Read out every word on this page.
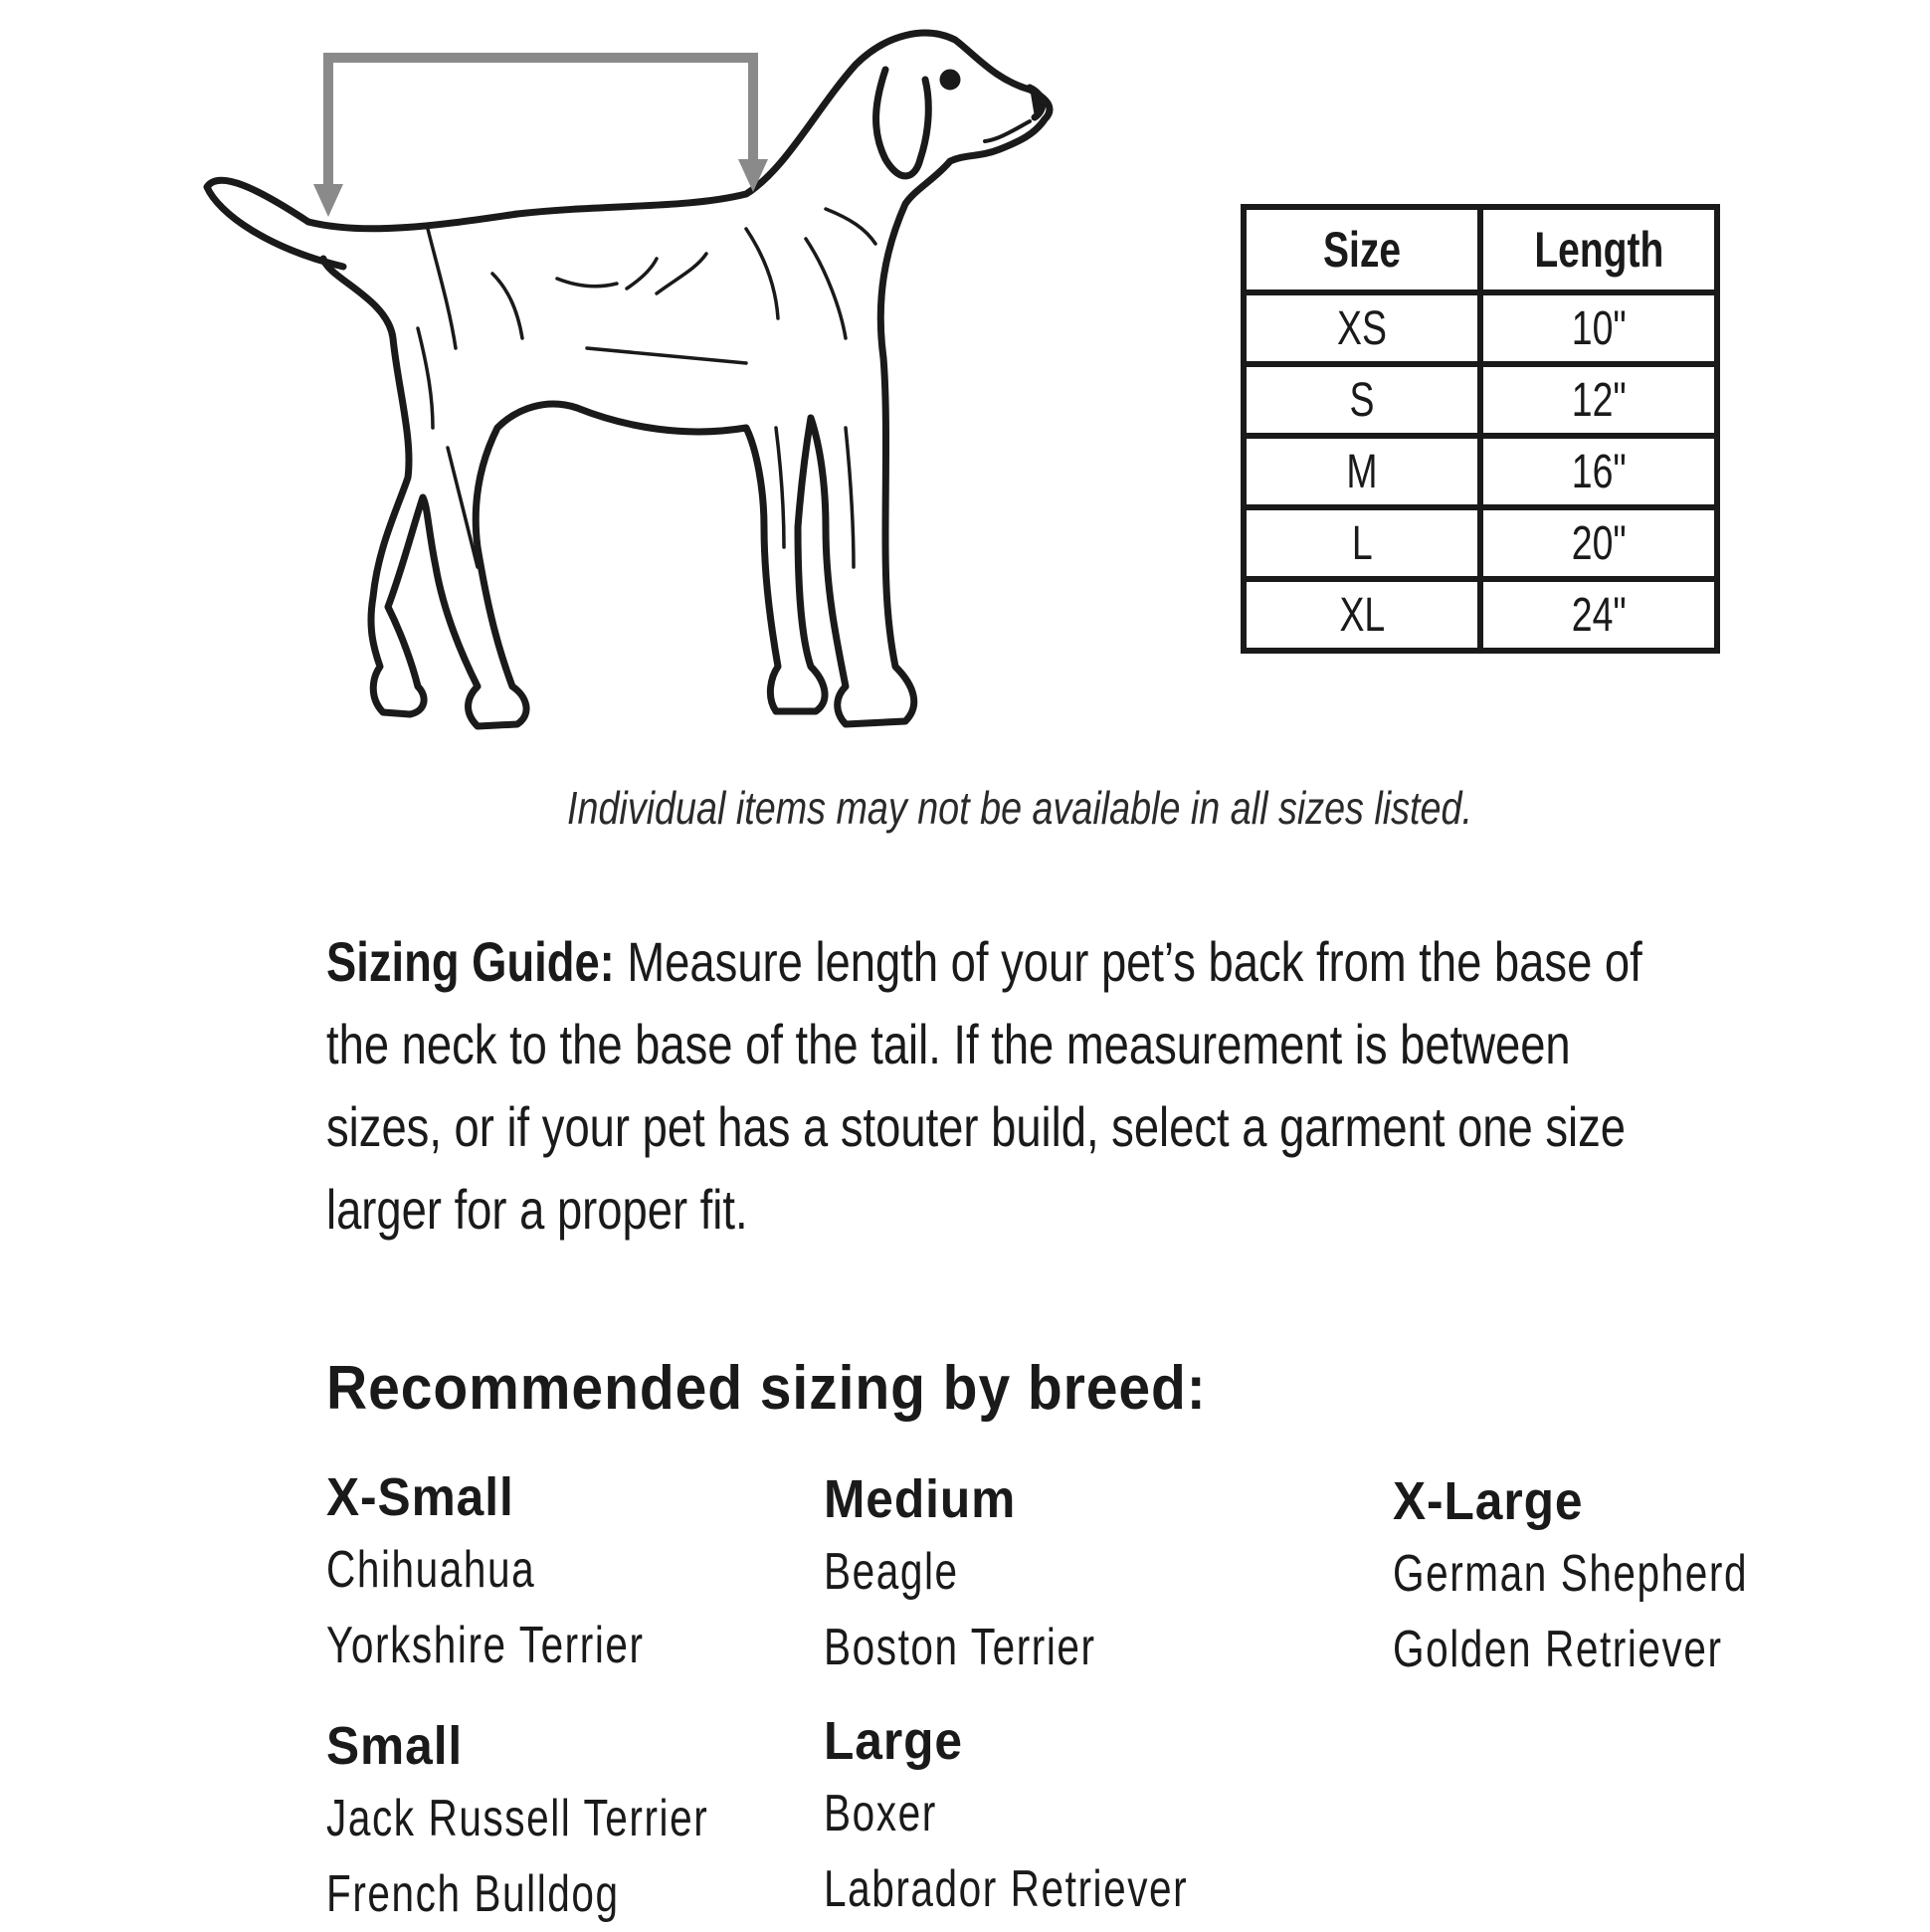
Size	Length
XS	10"
S	12"
M	16"
L	20"
XL	24"
Individual items may not be available in all sizes listed.
Sizing Guide: Measure length of your pet’s back from the base of the neck to the base of the tail. If the measurement is between sizes, or if your pet has a stouter build, select a garment one size larger for a proper fit.
Recommended sizing by breed:
X-Small
Chihuahua
Yorkshire Terrier
Small
Jack Russell Terrier
French Bulldog
Medium
Beagle
Boston Terrier
Large
Boxer
Labrador Retriever
X-Large
German Shepherd
Golden Retriever
